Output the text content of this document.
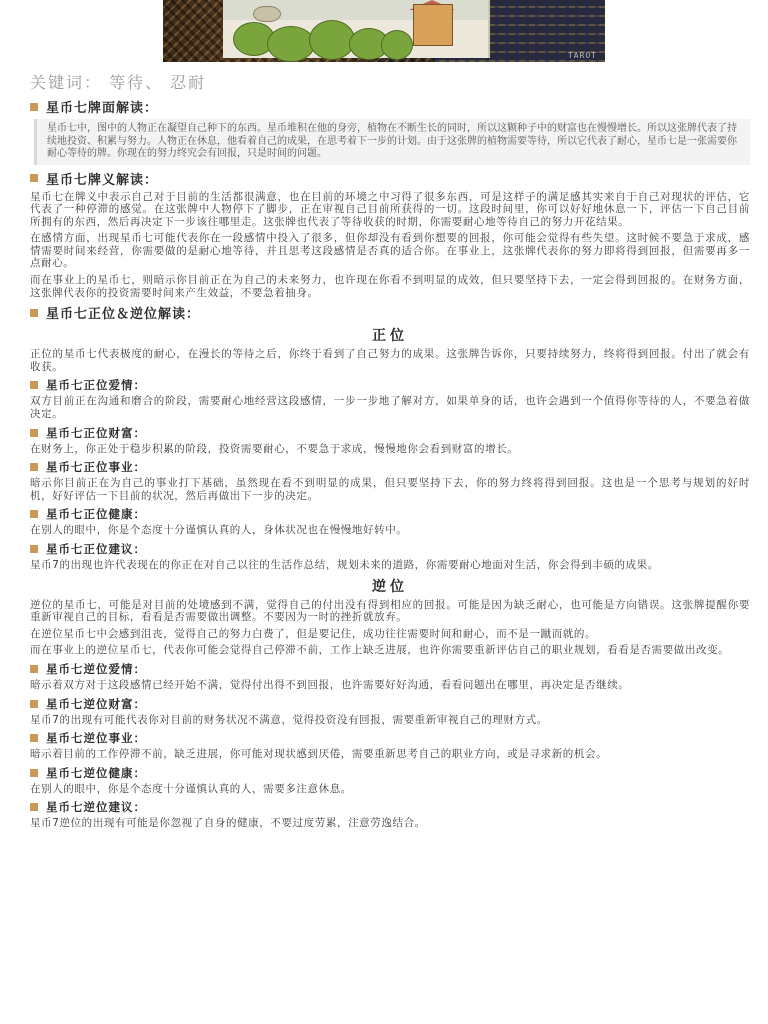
TAROT
关键词： 等待、 忍耐
星币七牌面解读：
星币七中，图中的人物正在凝望自己种下的东西。星币堆积在他的身旁，植物在不断生长的同时，所以这颗种子中的财富也在慢慢增长。所以这张牌代表了持续地投资、积累与努力。人物正在休息，他看着自己的成果，在思考着下一步的计划。由于这张牌的植物需要等待，所以它代表了耐心，星币七是一张需要你耐心等待的牌。你现在的努力终究会有回报，只是时间的问题。
星币七牌义解读：

星币七在牌义中表示自己对于目前的生活都很满意，也在目前的环境之中习得了很多东西，可是这样子的满足感其实来自于自己对现状的评估，它代表了一种停滞的感觉。在这张牌中人物停下了脚步，正在审视自己目前所获得的一切。这段时间里，你可以好好地休息一下，评估一下自己目前所拥有的东西，然后再决定下一步该往哪里走。这张牌也代表了等待收获的时期，你需要耐心地等待自己的努力开花结果。

在感情方面，出现星币七可能代表你在一段感情中投入了很多，但你却没有看到你想要的回报，你可能会觉得有些失望。这时候不要急于求成，感情需要时间来经营，你需要做的是耐心地等待，并且思考这段感情是否真的适合你。在事业上，这张牌代表你的努力即将得到回报，但需要再多一点耐心。

而在事业上的星币七，则暗示你目前正在为自己的未来努力，也许现在你看不到明显的成效，但只要坚持下去，一定会得到回报的。在财务方面，这张牌代表你的投资需要时间来产生效益，不要急着抽身。

星币七正位＆逆位解读：
正位

正位的星币七代表极度的耐心，在漫长的等待之后，你终于看到了自己努力的成果。这张牌告诉你，只要持续努力，终将得到回报。付出了就会有收获。

星币七正位爱情：

双方目前正在沟通和磨合的阶段，需要耐心地经营这段感情，一步一步地了解对方，如果单身的话，也许会遇到一个值得你等待的人，不要急着做决定。

星币七正位财富：

在财务上，你正处于稳步积累的阶段，投资需要耐心，不要急于求成，慢慢地你会看到财富的增长。

星币七正位事业：

暗示你目前正在为自己的事业打下基础，虽然现在看不到明显的成果，但只要坚持下去，你的努力终将得到回报。这也是一个思考与规划的好时机，好好评估一下目前的状况，然后再做出下一步的决定。

星币七正位健康：

在别人的眼中，你是个态度十分谨慎认真的人，身体状况也在慢慢地好转中。

星币七正位建议：

星币7的出现也许代表现在的你正在对自己以往的生活作总结，规划未来的道路，你需要耐心地面对生活，你会得到丰硕的成果。

逆位

逆位的星币七，可能是对目前的处境感到不满，觉得自己的付出没有得到相应的回报。可能是因为缺乏耐心，也可能是方向错误。这张牌提醒你要重新审视自己的目标，看看是否需要做出调整。不要因为一时的挫折就放弃。

在逆位星币七中会感到沮丧，觉得自己的努力白费了，但是要记住，成功往往需要时间和耐心，而不是一蹴而就的。

而在事业上的逆位星币七，代表你可能会觉得自己停滞不前，工作上缺乏进展，也许你需要重新评估自己的职业规划，看看是否需要做出改变。

星币七逆位爱情：

暗示着双方对于这段感情已经开始不满，觉得付出得不到回报，也许需要好好沟通，看看问题出在哪里，再决定是否继续。

星币七逆位财富：

星币7的出现有可能代表你对目前的财务状况不满意，觉得投资没有回报，需要重新审视自己的理财方式。

星币七逆位事业：

暗示着目前的工作停滞不前，缺乏进展，你可能对现状感到厌倦，需要重新思考自己的职业方向，或是寻求新的机会。

星币七逆位健康：

在别人的眼中，你是个态度十分谨慎认真的人，需要多注意休息。

星币七逆位建议：

星币7逆位的出现有可能是你忽视了自身的健康，不要过度劳累，注意劳逸结合。
